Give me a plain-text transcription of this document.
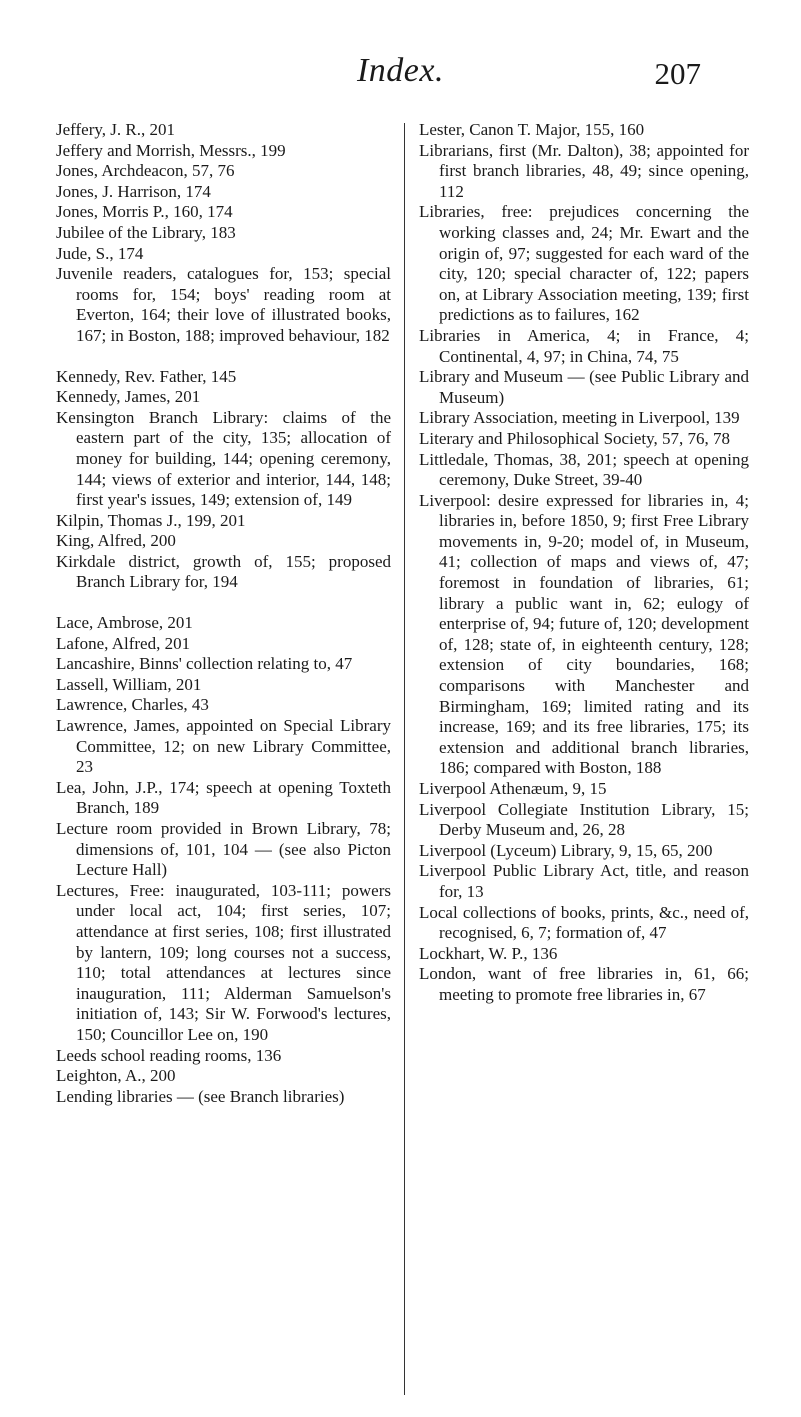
Index.	207

Jeffery, J. R., 201

Jeffery and Morrish, Messrs., 199

Jones, Archdeacon, 57, 76

Jones, J. Harrison, 174

Jones, Morris P., 160, 174

Jubilee of the Library, 183

Jude, S., 174

Juvenile readers, catalogues for, 153; special rooms for, 154; boys' reading room at Everton, 164; their love of illustrated books, 167; in Boston, 188; improved behaviour, 182

Kennedy, Rev. Father, 145

Kennedy, James, 201

Kensington Branch Library: claims of the eastern part of the city, 135; allocation of money for building, 144; opening ceremony, 144; views of exterior and interior, 144, 148; first year's issues, 149; extension of, 149

Kilpin, Thomas J., 199, 201

King, Alfred, 200

Kirkdale district, growth of, 155; proposed Branch Library for, 194

Lace, Ambrose, 201

Lafone, Alfred, 201

Lancashire, Binns' collection relating to, 47

Lassell, William, 201

Lawrence, Charles, 43

Lawrence, James, appointed on Special Library Committee, 12; on new Library Committee, 23

Lea, John, J.P., 174; speech at opening Toxteth Branch, 189

Lecture room provided in Brown Library, 78; dimensions of, 101, 104 — (see also Picton Lecture Hall)

Lectures, Free: inaugurated, 103-111; powers under local act, 104; first series, 107; attendance at first series, 108; first illustrated by lantern, 109; long courses not a success, 110; total attendances at lectures since inauguration, 111; Alderman Samuelson's initiation of, 143; Sir W. Forwood's lectures, 150; Councillor Lee on, 190

Leeds school reading rooms, 136

Leighton, A., 200

Lending libraries — (see Branch libraries)

Lester, Canon T. Major, 155, 160

Librarians, first (Mr. Dalton), 38; appointed for first branch libraries, 48, 49; since opening, 112

Libraries, free: prejudices concerning the working classes and, 24; Mr. Ewart and the origin of, 97; suggested for each ward of the city, 120; special character of, 122; papers on, at Library Association meeting, 139; first predictions as to failures, 162

Libraries in America, 4; in France, 4; Continental, 4, 97; in China, 74, 75

Library and Museum — (see Public Library and Museum)

Library Association, meeting in Liverpool, 139

Literary and Philosophical Society, 57, 76, 78

Littledale, Thomas, 38, 201; speech at opening ceremony, Duke Street, 39-40

Liverpool: desire expressed for libraries in, 4; libraries in, before 1850, 9; first Free Library movements in, 9-20; model of, in Museum, 41; collection of maps and views of, 47; foremost in foundation of libraries, 61; library a public want in, 62; eulogy of enterprise of, 94; future of, 120; development of, 128; state of, in eighteenth century, 128; extension of city boundaries, 168; comparisons with Manchester and Birmingham, 169; limited rating and its increase, 169; and its free libraries, 175; its extension and additional branch libraries, 186; compared with Boston, 188

Liverpool Athenæum, 9, 15

Liverpool Collegiate Institution Library, 15; Derby Museum and, 26, 28

Liverpool (Lyceum) Library, 9, 15, 65, 200

Liverpool Public Library Act, title, and reason for, 13

Local collections of books, prints, &c., need of, recognised, 6, 7; formation of, 47

Lockhart, W. P., 136

London, want of free libraries in, 61, 66; meeting to promote free libraries in, 67
